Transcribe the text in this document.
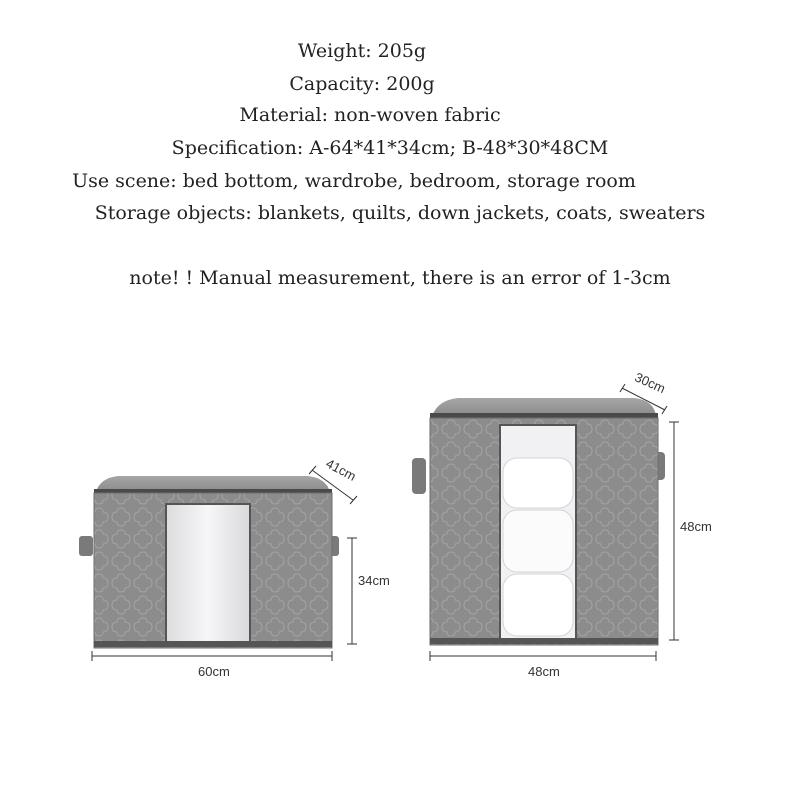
Weight: 205g
Capacity: 200g
Material: non-woven fabric
Specification: A-64*41*34cm; B-48*30*48CM
Use scene: bed bottom, wardrobe, bedroom, storage room
Storage objects: blankets, quilts, down jackets, coats, sweaters
note! ! Manual measurement, there is an error of 1-3cm
41cm
34cm
60cm
30cm
48cm
48cm
